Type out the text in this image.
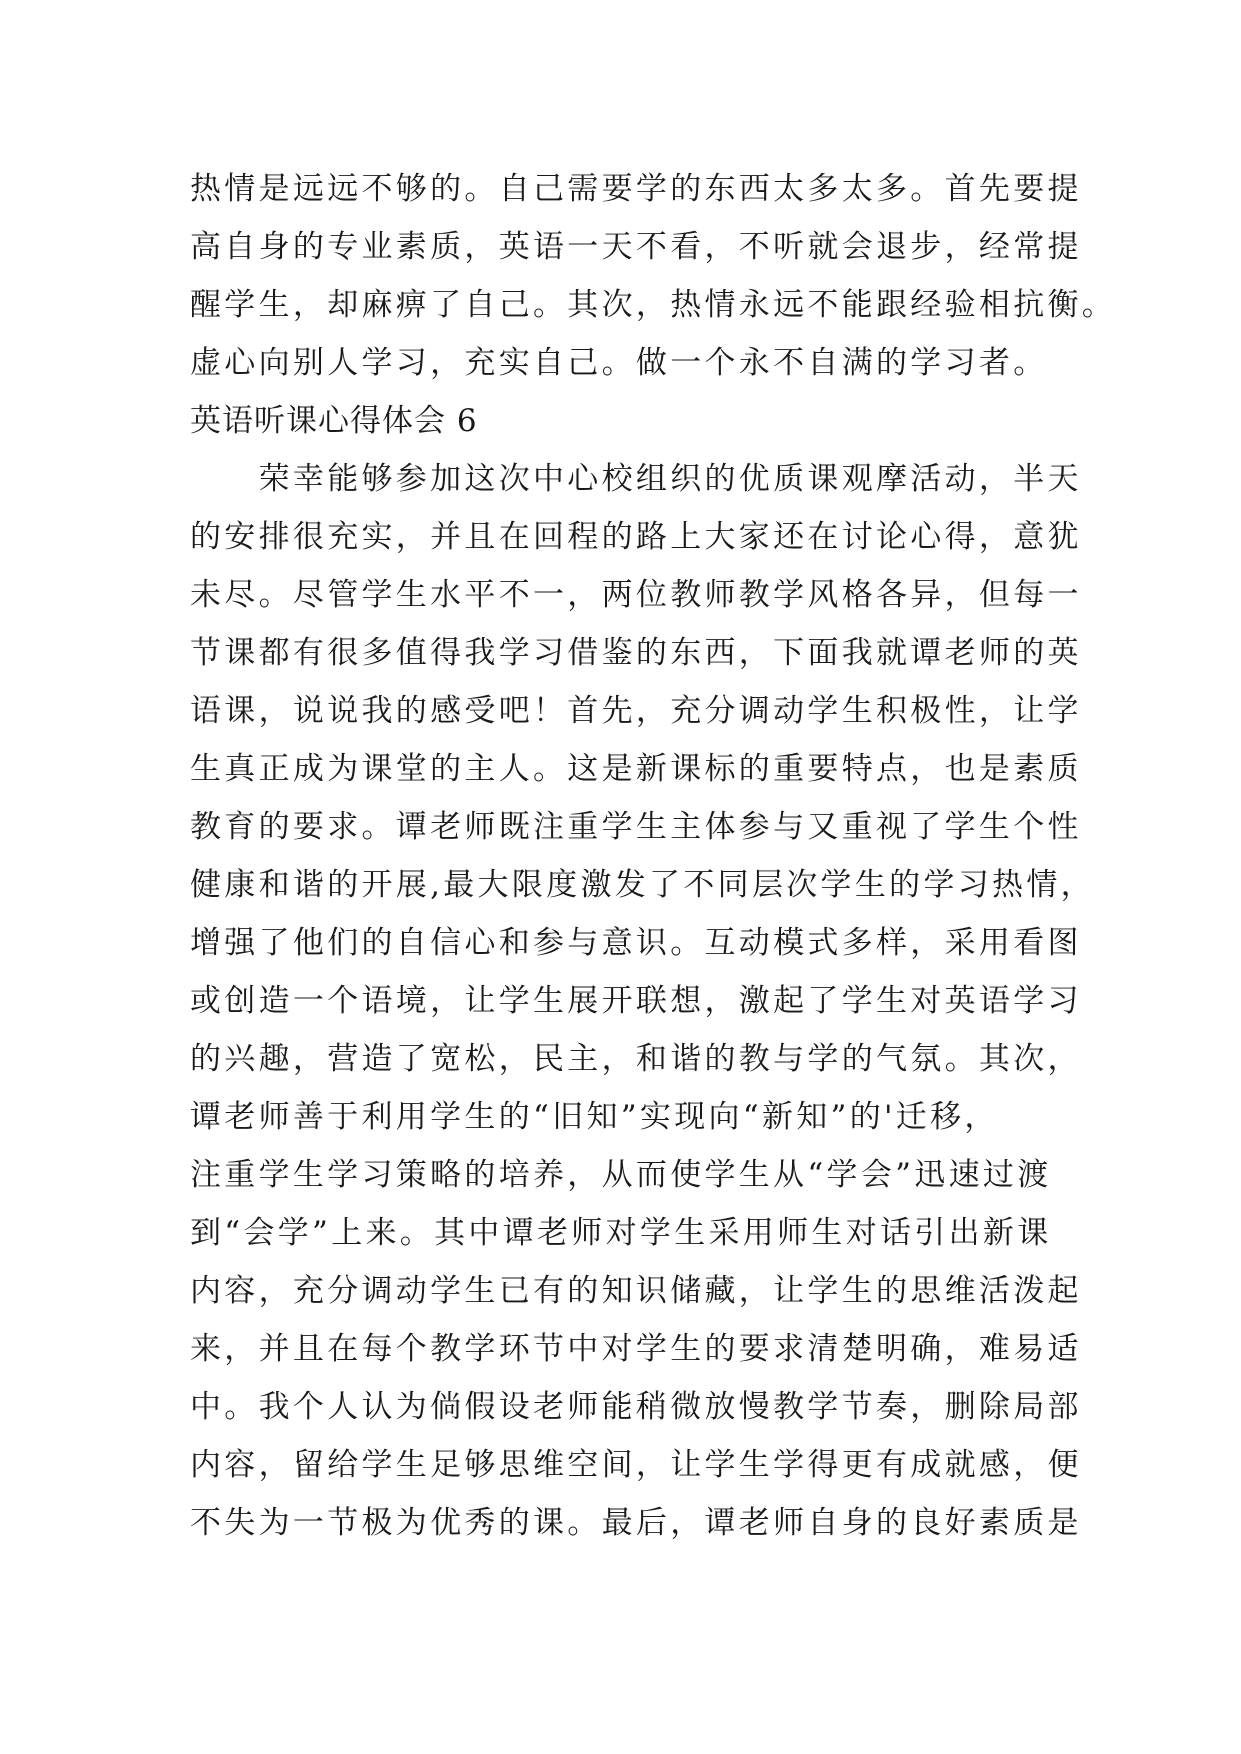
热情是远远不够的。自己需要学的东西太多太多。首先要提
高自身的专业素质，英语一天不看，不听就会退步，经常提
醒学生，却麻痹了自己。其次，热情永远不能跟经验相抗衡。
虚心向别人学习，充实自己。做一个永不自满的学习者。
英语听课心得体会 6
　　荣幸能够参加这次中心校组织的优质课观摩活动，半天
的安排很充实，并且在回程的路上大家还在讨论心得，意犹
未尽。尽管学生水平不一，两位教师教学风格各异，但每一
节课都有很多值得我学习借鉴的东西，下面我就谭老师的英
语课，说说我的感受吧！首先，充分调动学生积极性，让学
生真正成为课堂的主人。这是新课标的重要特点，也是素质
教育的要求。谭老师既注重学生主体参与又重视了学生个性
健康和谐的开展,最大限度激发了不同层次学生的学习热情，
增强了他们的自信心和参与意识。互动模式多样，采用看图
或创造一个语境，让学生展开联想，激起了学生对英语学习
的兴趣，营造了宽松，民主，和谐的教与学的气氛。其次，
谭老师善于利用学生的“旧知”实现向“新知”的'迁移，
注重学生学习策略的培养，从而使学生从“学会”迅速过渡
到“会学”上来。其中谭老师对学生采用师生对话引出新课
内容，充分调动学生已有的知识储藏，让学生的思维活泼起
来，并且在每个教学环节中对学生的要求清楚明确，难易适
中。我个人认为倘假设老师能稍微放慢教学节奏，删除局部
内容，留给学生足够思维空间，让学生学得更有成就感，便
不失为一节极为优秀的课。最后，谭老师自身的良好素质是
